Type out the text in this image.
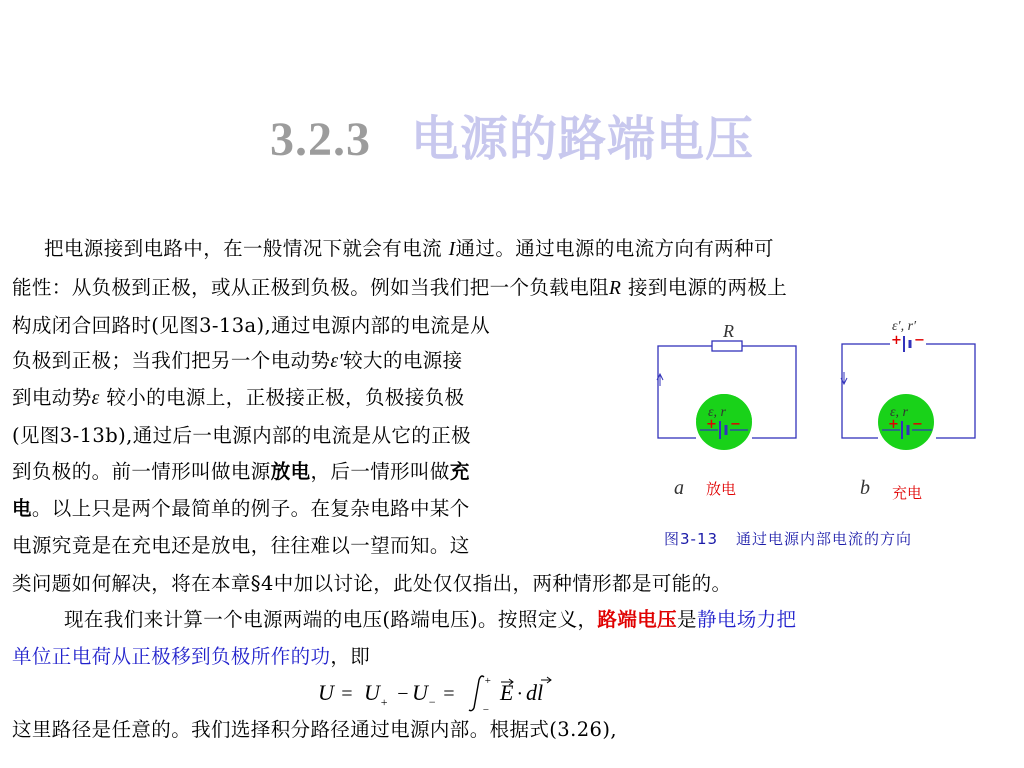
3.2.3 电源的路端电压
把电源接到电路中，在一般情况下就会有电流 I通过。通过电源的电流方向有两种可
能性：从负极到正极，或从正极到负极。例如当我们把一个负载电阻R 接到电源的两极上
构成闭合回路时(见图3-13a),通过电源内部的电流是从
负极到正极；当我们把另一个电动势ε′较大的电源接
到电动势ε 较小的电源上，正极接正极，负极接负极
(见图3-13b),通过后一电源内部的电流是从它的正极
到负极的。前一情形叫做电源放电，后一情形叫做充
电。以上只是两个最简单的例子。在复杂电路中某个
电源究竟是在充电还是放电，往往难以一望而知。这
类问题如何解决，将在本章§4中加以讨论，此处仅仅指出，两种情形都是可能的。
现在我们来计算一个电源两端的电压(路端电压)。按照定义，路端电压是静电场力把
单位正电荷从正极移到负极所作的功，即
U = U + − U − =
+
−
E · dl
这里路径是任意的。我们选择积分路径通过电源内部。根据式(3.26),
R
ε, r
+ −
a 放电
ε′, r′
+ −
ε, r
+ −
b 充电
图3-13 通过电源内部电流的方向
